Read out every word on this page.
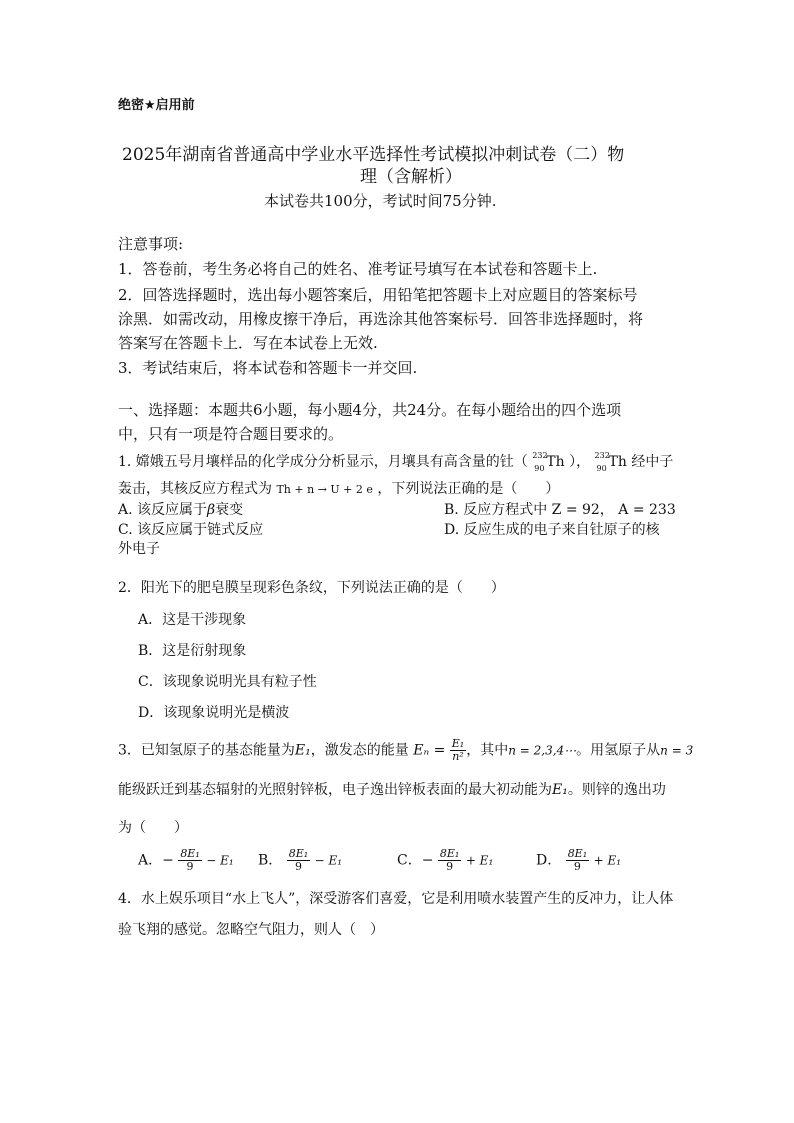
绝密★启用前
2025年湖南省普通高中学业水平选择性考试模拟冲刺试卷（二）物
理（含解析）
本试卷共100分，考试时间75分钟.
注意事项:
1．答卷前，考生务必将自己的姓名、准考证号填写在本试卷和答题卡上.
2．回答选择题时，选出每小题答案后，用铅笔把答题卡上对应题目的答案标号
涂黑．如需改动，用橡皮擦干净后，再选涂其他答案标号．回答非选择题时，将
答案写在答题卡上．写在本试卷上无效.
3．考试结束后，将本试卷和答题卡一并交回.
一、选择题：本题共6小题，每小题4分，共24分。在每小题给出的四个选项
中，只有一项是符合题目要求的。
1. 嫦娥五号月壤样品的化学成分分析显示，月壤具有高含量的钍（ 232
90 Th ）， 232
90 Th 经中子
轰击，其核反应方程式为 Th + n → U + 2 e ，下列说法正确的是（　　）
A. 该反应属于β衰变	B. 反应方程式中 Z = 92， A = 233
C. 该反应属于链式反应	D. 反应生成的电子来自钍原子的核
外电子
2．阳光下的肥皂膜呈现彩色条纹，下列说法正确的是（　　）
A．这是干涉现象
B．这是衍射现象
C．该现象说明光具有粒子性
D．该现象说明光是横波
3．已知氢原子的基态能量为E₁，激发态的能量 $E_n = \frac{\text{E₁}}{\text{n²}}$ ，其中n = 2,3,4⋯。用氢原子从n = 3
能级跃迁到基态辐射的光照射锌板，电子逸出锌板表面的最大初动能为E₁。则锌的逸出功
为（　　）
A．− $\frac{\text{8E₁}}{9} - E_1$ B． $\frac{\text{8E₁}}{9} - E_1$	C．− $\frac{\text{8E₁}}{9} + E_1$	D． $\frac{\text{8E₁}}{9} + E_1$
4．水上娱乐项目“水上飞人”，深受游客们喜爱，它是利用喷水装置产生的反冲力，让人体
验飞翔的感觉。忽略空气阻力，则人（　）
